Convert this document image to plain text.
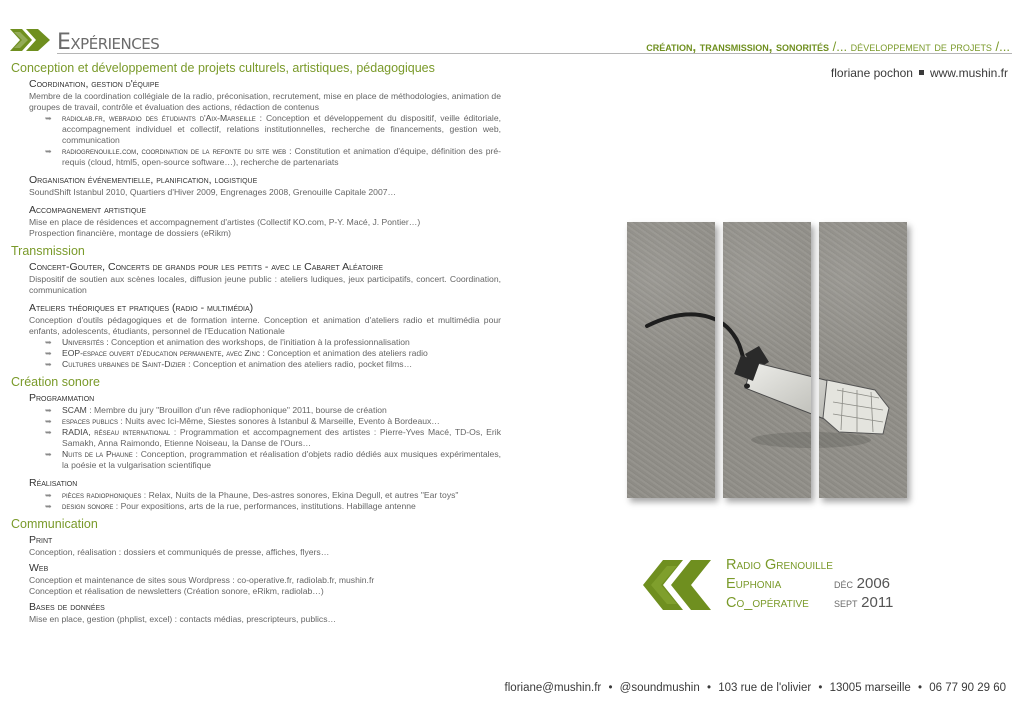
Expériences	création, transmission, sonorités /... développement de projets /...
floriane pochon www.mushin.fr
Conception et développement de projets culturels, artistiques, pédagogiques
Coordination, gestion d'équipe
Membre de la coordination collégiale de la radio, préconisation, recrutement, mise en place de méthodologies, animation de groupes de travail, contrôle et évaluation des actions, rédaction de contenus
➥ radiolab.fr, webradio des étudiants d'Aix-Marseille : Conception et développement du dispositif, veille éditoriale, accompagnement individuel et collectif, relations institutionnelles, recherche de financements, gestion web, communication
➥ radiogrenouille.com, coordination de la refonte du site web : Constitution et animation d'équipe, définition des pré-requis (cloud, html5, open-source software…), recherche de partenariats
Organisation événementielle, planification, logistique
SoundShift Istanbul 2010, Quartiers d'Hiver 2009, Engrenages 2008, Grenouille Capitale 2007…
Accompagnement artistique
Mise en place de résidences et accompagnement d'artistes (Collectif KO.com, P-Y. Macé, J. Pontier…)
Prospection financière, montage de dossiers (eRikm)
Transmission
Concert-Gouter, Concerts de grands pour les petits - avec le Cabaret Aléatoire
Dispositif de soutien aux scènes locales, diffusion jeune public : ateliers ludiques, jeux participatifs, concert. Coordination, communication
Ateliers théoriques et pratiques (radio - multimédia)
Conception d'outils pédagogiques et de formation interne. Conception et animation d'ateliers radio et multimédia pour enfants, adolescents, étudiants, personnel de l'Education Nationale
➥ Universités : Conception et animation des workshops, de l'initiation à la professionnalisation
➥ EOP-espace ouvert d'éducation permanente, avec Zinc : Conception et animation des ateliers radio
➥ Cultures urbaines de Saint-Dizier : Conception et animation des ateliers radio, pocket films…
Création sonore
Programmation
➥ SCAM : Membre du jury "Brouillon d'un rêve radiophonique" 2011, bourse de création
➥ espaces publics : Nuits avec Ici-Même, Siestes sonores à Istanbul & Marseille, Evento à Bordeaux…
➥ RADIA, réseau international : Programmation et accompagnement des artistes : Pierre-Yves Macé, TD-Os, Erik Samakh, Anna Raimondo, Etienne Noiseau, la Danse de l'Ours…
➥ Nuits de la Phaune : Conception, programmation et réalisation d'objets radio dédiés aux musiques expérimentales, la poésie et la vulgarisation scientifique
Réalisation
➥ pièces radiophoniques : Relax, Nuits de la Phaune, Des-astres sonores, Ekina Degull, et autres "Ear toys"
➥ design sonore : Pour expositions, arts de la rue, performances, institutions. Habillage antenne
Communication
Print
Conception, réalisation : dossiers et communiqués de presse, affiches, flyers…
Web
Conception et maintenance de sites sous Wordpress : co-operative.fr, radiolab.fr, mushin.fr
Conception et réalisation de newsletters (Création sonore, eRikm, radiolab…)
Bases de données
Mise en place, gestion (phplist, excel) : contacts médias, prescripteurs, publics…
Radio Grenouille
Euphonia
Co_opérative
déc 2006
sept 2011
floriane@mushin.fr • @soundmushin • 103 rue de l'olivier • 13005 marseille • 06 77 90 29 60
